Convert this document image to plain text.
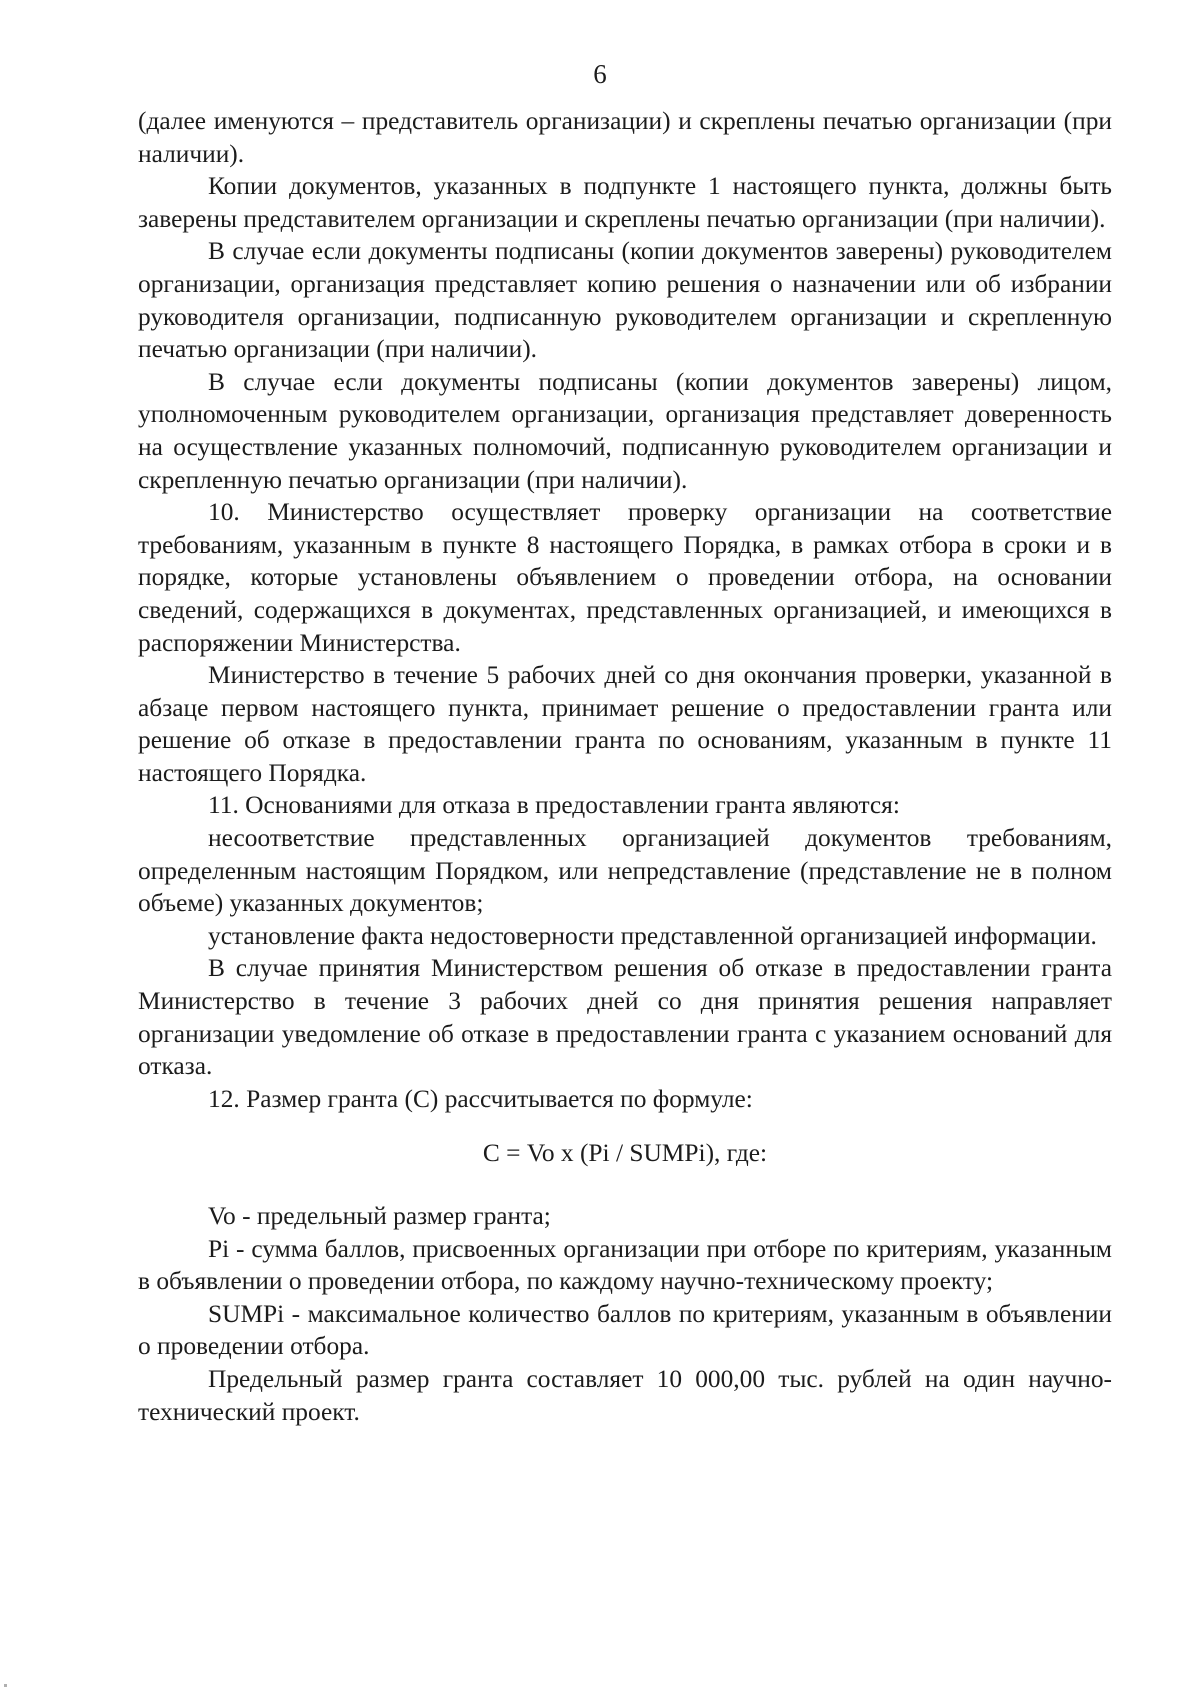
6

(далее именуются – представитель организации) и скреплены печатью организации (при наличии).

Копии документов, указанных в подпункте 1 настоящего пункта, должны быть заверены представителем организации и скреплены печатью организации (при наличии).

В случае если документы подписаны (копии документов заверены) руководителем организации, организация представляет копию решения о назначении или об избрании руководителя организации, подписанную руководителем организации и скрепленную печатью организации (при наличии).

В случае если документы подписаны (копии документов заверены) лицом, уполномоченным руководителем организации, организация представляет доверенность на осуществление указанных полномочий, подписанную руководителем организации и скрепленную печатью организации (при наличии).

10. Министерство осуществляет проверку организации на соответствие требованиям, указанным в пункте 8 настоящего Порядка, в рамках отбора в сроки и в порядке, которые установлены объявлением о проведении отбора, на основании сведений, содержащихся в документах, представленных организацией, и имеющихся в распоряжении Министерства.

Министерство в течение 5 рабочих дней со дня окончания проверки, указанной в абзаце первом настоящего пункта, принимает решение о предоставлении гранта или решение об отказе в предоставлении гранта по основаниям, указанным в пункте 11 настоящего Порядка.

11. Основаниями для отказа в предоставлении гранта являются:

несоответствие представленных организацией документов требованиям, определенным настоящим Порядком, или непредставление (представление не в полном объеме) указанных документов;

установление факта недостоверности представленной организацией информации.

В случае принятия Министерством решения об отказе в предоставлении гранта Министерство в течение 3 рабочих дней со дня принятия решения направляет организации уведомление об отказе в предоставлении гранта с указанием оснований для отказа.

12. Размер гранта (С) рассчитывается по формуле:

С = Vo x (Pi / SUMPi), где:

Vo - предельный размер гранта;

Pi - сумма баллов, присвоенных организации при отборе по критериям, указанным в объявлении о проведении отбора, по каждому научно-техническому проекту;

SUMPi - максимальное количество баллов по критериям, указанным в объявлении о проведении отбора.

Предельный размер гранта составляет 10 000,00 тыс. рублей на один научно-технический проект.
